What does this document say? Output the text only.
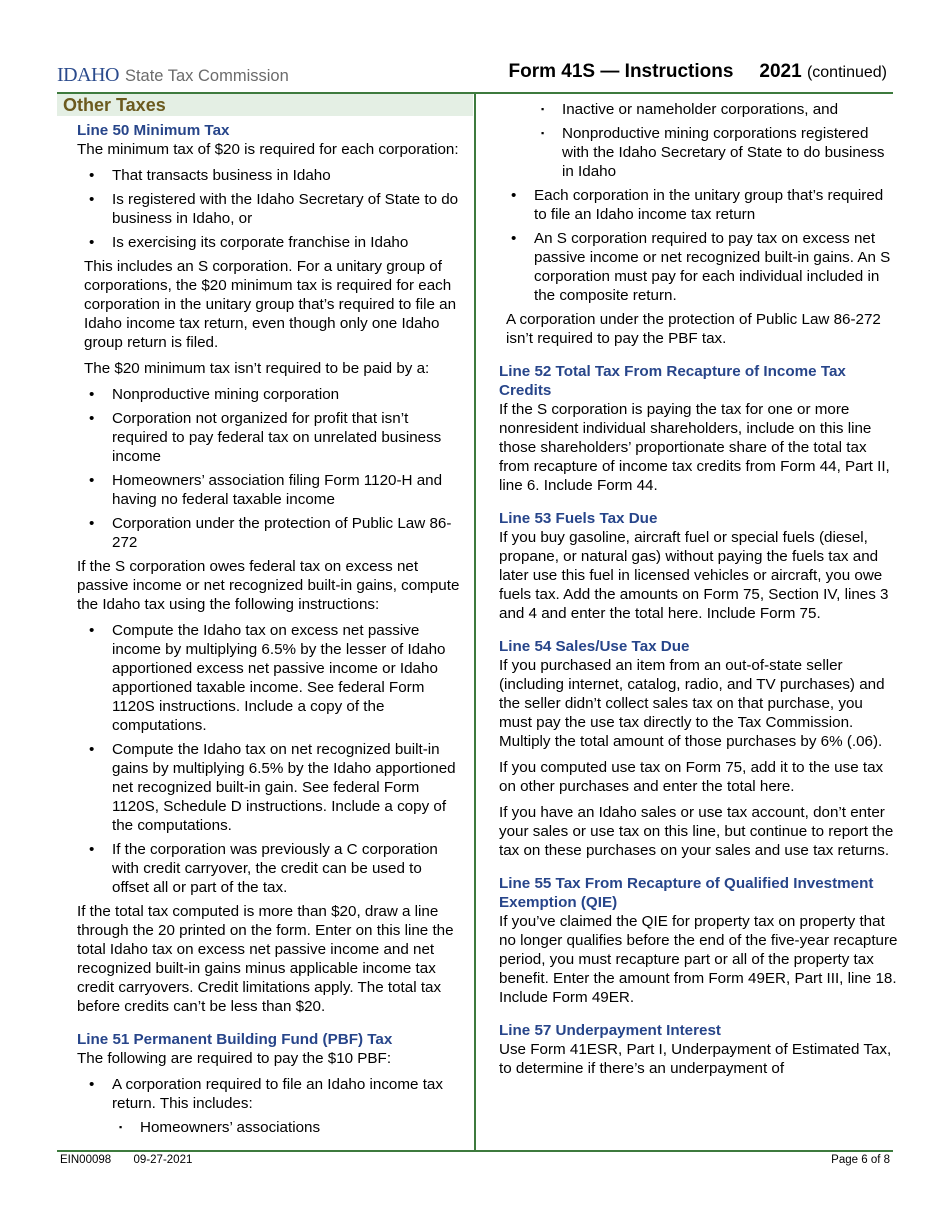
IDAHO State Tax Commission	Form 41S — Instructions 2021 (continued)
Other Taxes
Line 50 Minimum Tax

The minimum tax of $20 is required for each corporation:

• That transacts business in Idaho
• Is registered with the Idaho Secretary of State to do business in Idaho, or
• Is exercising its corporate franchise in Idaho

This includes an S corporation. For a unitary group of corporations, the $20 minimum tax is required for each corporation in the unitary group that’s required to file an Idaho income tax return, even though only one Idaho group return is filed.

The $20 minimum tax isn’t required to be paid by a:

• Nonproductive mining corporation
• Corporation not organized for profit that isn’t required to pay federal tax on unrelated business income
• Homeowners’ association filing Form 1120-H and having no federal taxable income
• Corporation under the protection of Public Law 86-272

If the S corporation owes federal tax on excess net passive income or net recognized built-in gains, compute the Idaho tax using the following instructions:

• Compute the Idaho tax on excess net passive income by multiplying 6.5% by the lesser of Idaho apportioned excess net passive income or Idaho apportioned taxable income. See federal Form 1120S instructions. Include a copy of the computations.
• Compute the Idaho tax on net recognized built-in gains by multiplying 6.5% by the Idaho apportioned net recognized built-in gain. See federal Form 1120S, Schedule D instructions. Include a copy of the computations.
• If the corporation was previously a C corporation with credit carryover, the credit can be used to offset all or part of the tax.

If the total tax computed is more than $20, draw a line through the 20 printed on the form. Enter on this line the total Idaho tax on excess net passive income and net recognized built-in gains minus applicable income tax credit carryovers. Credit limitations apply. The total tax before credits can’t be less than $20.

Line 51 Permanent Building Fund (PBF) Tax

The following are required to pay the $10 PBF:

• A corporation required to file an Idaho income tax return. This includes:
▪ Homeowners’ associations
▪ Inactive or nameholder corporations, and
▪ Nonproductive mining corporations registered with the Idaho Secretary of State to do business in Idaho
• Each corporation in the unitary group that’s required to file an Idaho income tax return
• An S corporation required to pay tax on excess net passive income or net recognized built-in gains. An S corporation must pay for each individual included in the composite return.

A corporation under the protection of Public Law 86-272 isn’t required to pay the PBF tax.

Line 52 Total Tax From Recapture of Income Tax Credits

If the S corporation is paying the tax for one or more nonresident individual shareholders, include on this line those shareholders’ proportionate share of the total tax from recapture of income tax credits from Form 44, Part II, line 6. Include Form 44.

Line 53 Fuels Tax Due

If you buy gasoline, aircraft fuel or special fuels (diesel, propane, or natural gas) without paying the fuels tax and later use this fuel in licensed vehicles or aircraft, you owe fuels tax. Add the amounts on Form 75, Section IV, lines 3 and 4 and enter the total here. Include Form 75.

Line 54 Sales/Use Tax Due

If you purchased an item from an out-of-state seller (including internet, catalog, radio, and TV purchases) and the seller didn’t collect sales tax on that purchase, you must pay the use tax directly to the Tax Commission. Multiply the total amount of those purchases by 6% (.06).

If you computed use tax on Form 75, add it to the use tax on other purchases and enter the total here.

If you have an Idaho sales or use tax account, don’t enter your sales or use tax on this line, but continue to report the tax on these purchases on your sales and use tax returns.

Line 55 Tax From Recapture of Qualified Investment Exemption (QIE)

If you’ve claimed the QIE for property tax on property that no longer qualifies before the end of the five-year recapture period, you must recapture part or all of the property tax benefit. Enter the amount from Form 49ER, Part III, line 18. Include Form 49ER.

Line 57 Underpayment Interest

Use Form 41ESR, Part I, Underpayment of Estimated Tax, to determine if there’s an underpayment of

EIN00098 09-27-2021	Page 6 of 8
